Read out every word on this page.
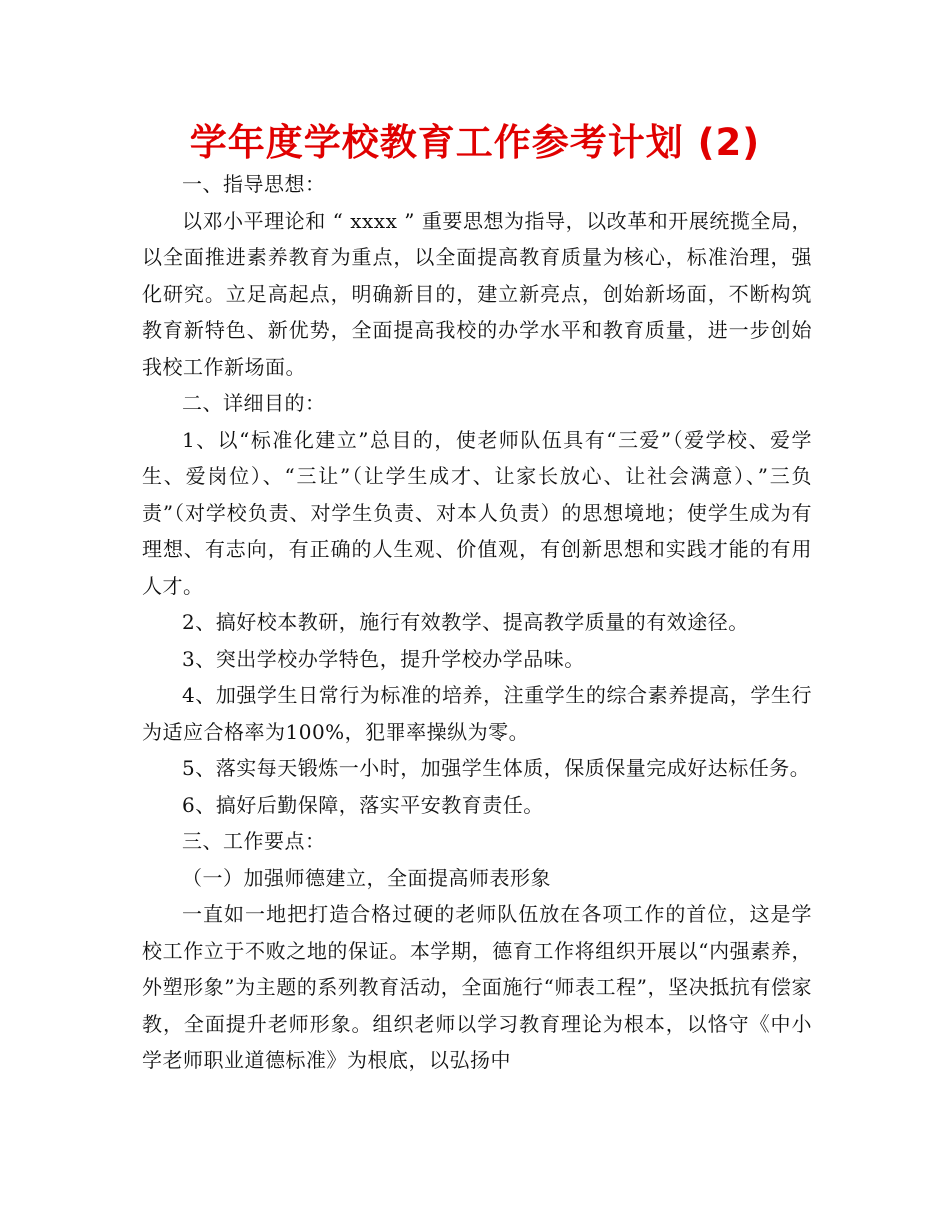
学年度学校教育工作参考计划 (2)

一、指导思想：

以邓小平理论和 “ xxxx ” 重要思想为指导，以改革和开展统揽全局，以全面推进素养教育为重点，以全面提高教育质量为核心，标准治理，强化研究。立足高起点，明确新目的，建立新亮点，创始新场面，不断构筑教育新特色、新优势，全面提高我校的办学水平和教育质量，进一步创始我校工作新场面。

二、详细目的：

1、以“标准化建立”总目的，使老师队伍具有“三爱”（爱学校、爱学生、爱岗位）、“三让”（让学生成才、让家长放心、让社会满意）、”三负责”（对学校负责、对学生负责、对本人负责）的思想境地；使学生成为有理想、有志向，有正确的人生观、价值观，有创新思想和实践才能的有用人才。

2、搞好校本教研，施行有效教学、提高教学质量的有效途径。

3、突出学校办学特色，提升学校办学品味。

4、加强学生日常行为标准的培养，注重学生的综合素养提高，学生行为适应合格率为100%，犯罪率操纵为零。

5、落实每天锻炼一小时，加强学生体质，保质保量完成好达标任务。

6、搞好后勤保障，落实平安教育责任。

三、工作要点：

（一）加强师德建立，全面提高师表形象

一直如一地把打造合格过硬的老师队伍放在各项工作的首位，这是学校工作立于不败之地的保证。本学期，德育工作将组织开展以“内强素养，外塑形象”为主题的系列教育活动，全面施行“师表工程”，坚决抵抗有偿家教，全面提升老师形象。组织老师以学习教育理论为根本，以恪守《中小学老师职业道德标准》为根底，以弘扬中
